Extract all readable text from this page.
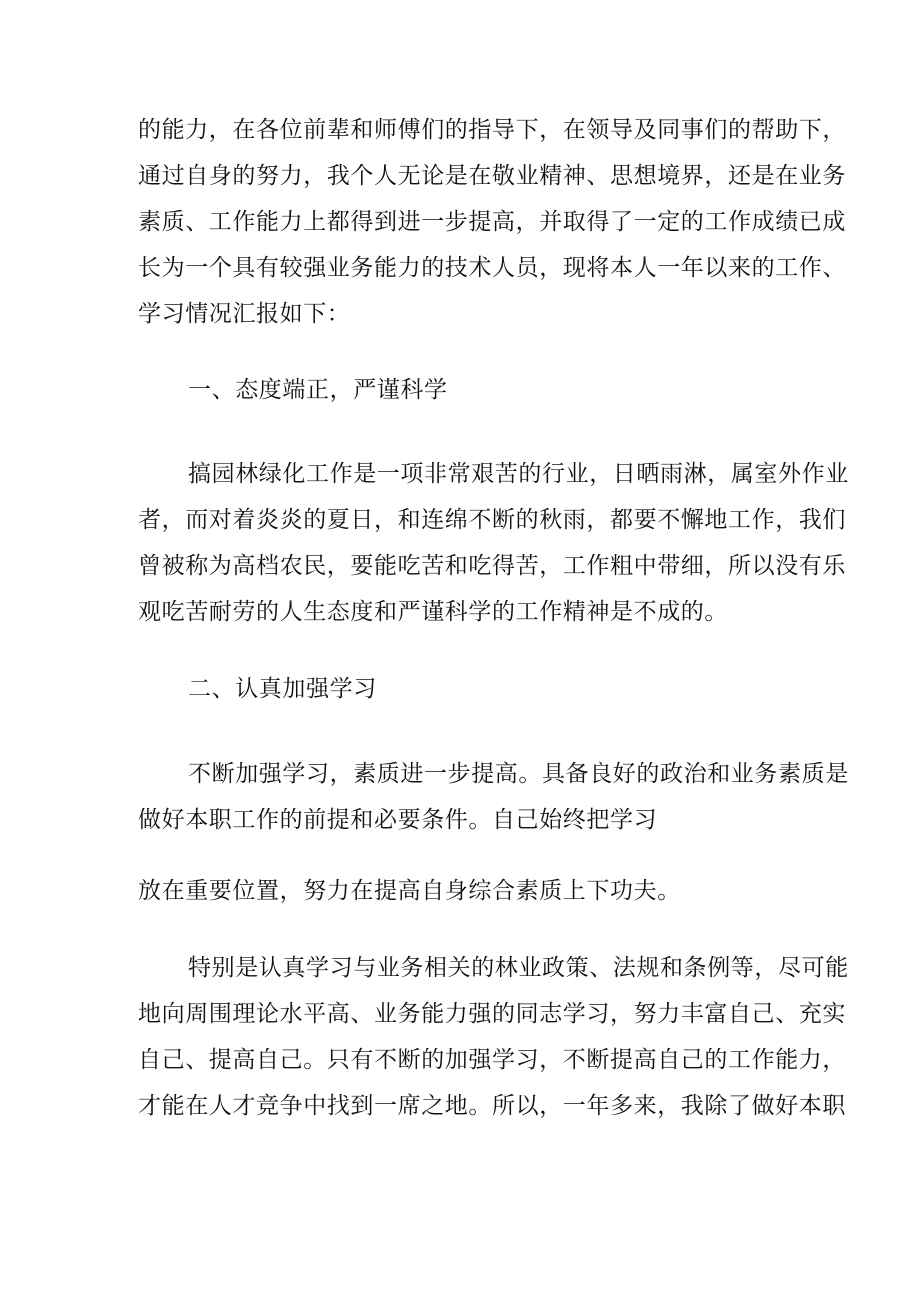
的能力，在各位前辈和师傅们的指导下，在领导及同事们的帮助下，
通过自身的努力，我个人无论是在敬业精神、思想境界，还是在业务
素质、工作能力上都得到进一步提高，并取得了一定的工作成绩已成
长为一个具有较强业务能力的技术人员，现将本人一年以来的工作、
学习情况汇报如下：
一、态度端正，严谨科学
搞园林绿化工作是一项非常艰苦的行业，日晒雨淋，属室外作业
者，而对着炎炎的夏日，和连绵不断的秋雨，都要不懈地工作，我们
曾被称为高档农民，要能吃苦和吃得苦，工作粗中带细，所以没有乐
观吃苦耐劳的人生态度和严谨科学的工作精神是不成的。
二、认真加强学习
不断加强学习，素质进一步提高。具备良好的政治和业务素质是
做好本职工作的前提和必要条件。自己始终把学习
放在重要位置，努力在提高自身综合素质上下功夫。
特别是认真学习与业务相关的林业政策、法规和条例等，尽可能
地向周围理论水平高、业务能力强的同志学习，努力丰富自己、充实
自己、提高自己。只有不断的加强学习，不断提高自己的工作能力，
才能在人才竞争中找到一席之地。所以，一年多来，我除了做好本职
